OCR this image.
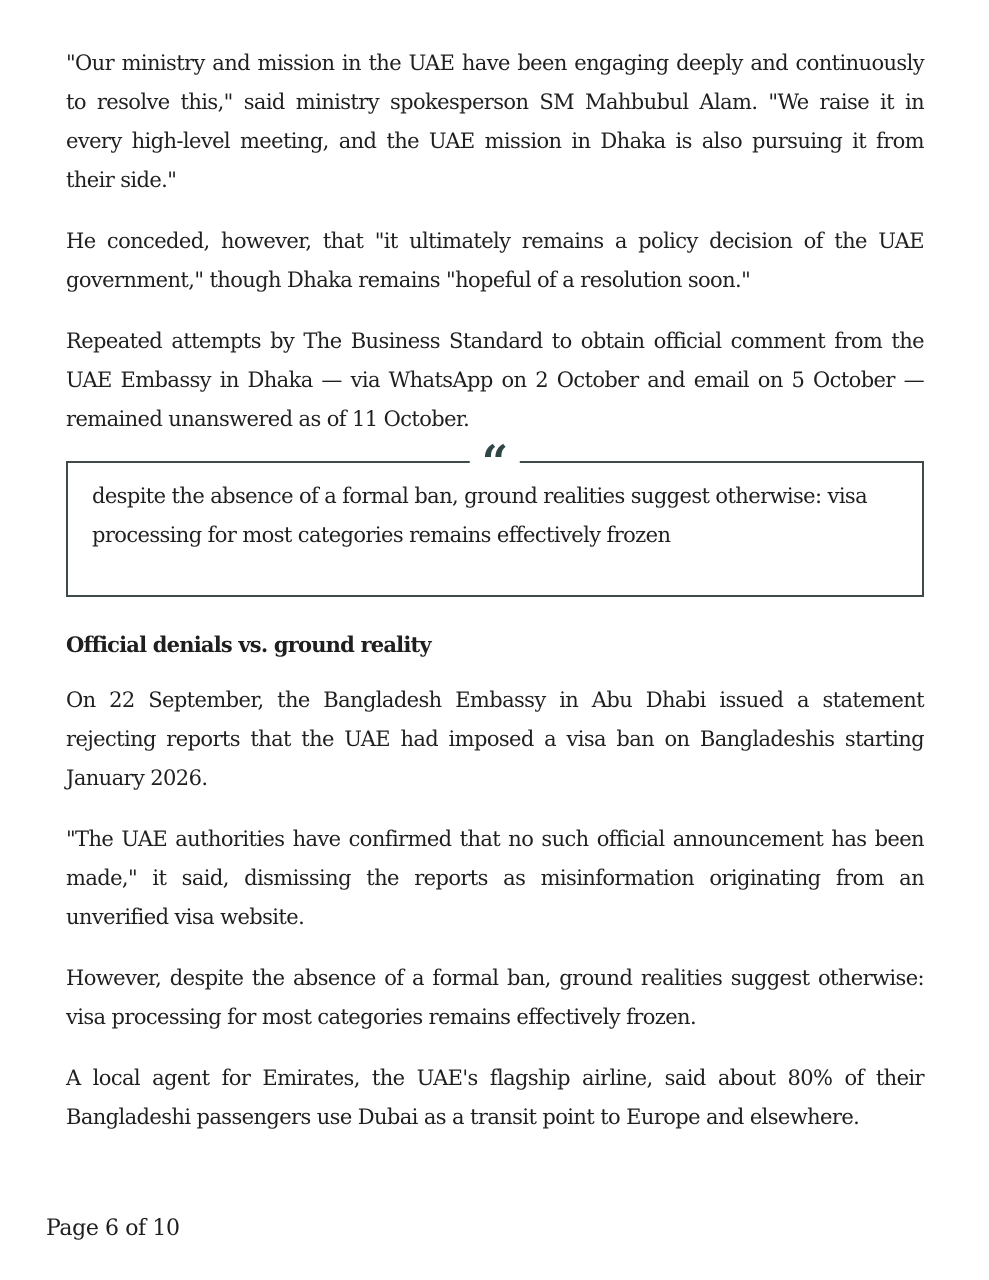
"Our ministry and mission in the UAE have been engaging deeply and continuously to resolve this," said ministry spokesperson SM Mahbubul Alam. "We raise it in every high-level meeting, and the UAE mission in Dhaka is also pursuing it from their side."

He conceded, however, that "it ultimately remains a policy decision of the UAE government," though Dhaka remains "hopeful of a resolution soon."

Repeated attempts by The Business Standard to obtain official comment from the UAE Embassy in Dhaka — via WhatsApp on 2 October and email on 5 October — remained unanswered as of 11 October.

“

despite the absence of a formal ban, ground realities suggest otherwise: visa processing for most categories remains effectively frozen

Official denials vs. ground reality

On 22 September, the Bangladesh Embassy in Abu Dhabi issued a statement rejecting reports that the UAE had imposed a visa ban on Bangladeshis starting January 2026.

"The UAE authorities have confirmed that no such official announcement has been made," it said, dismissing the reports as misinformation originating from an unverified visa website.

However, despite the absence of a formal ban, ground realities suggest otherwise: visa processing for most categories remains effectively frozen.

A local agent for Emirates, the UAE's flagship airline, said about 80% of their Bangladeshi passengers use Dubai as a transit point to Europe and elsewhere.

Page 6 of 10
